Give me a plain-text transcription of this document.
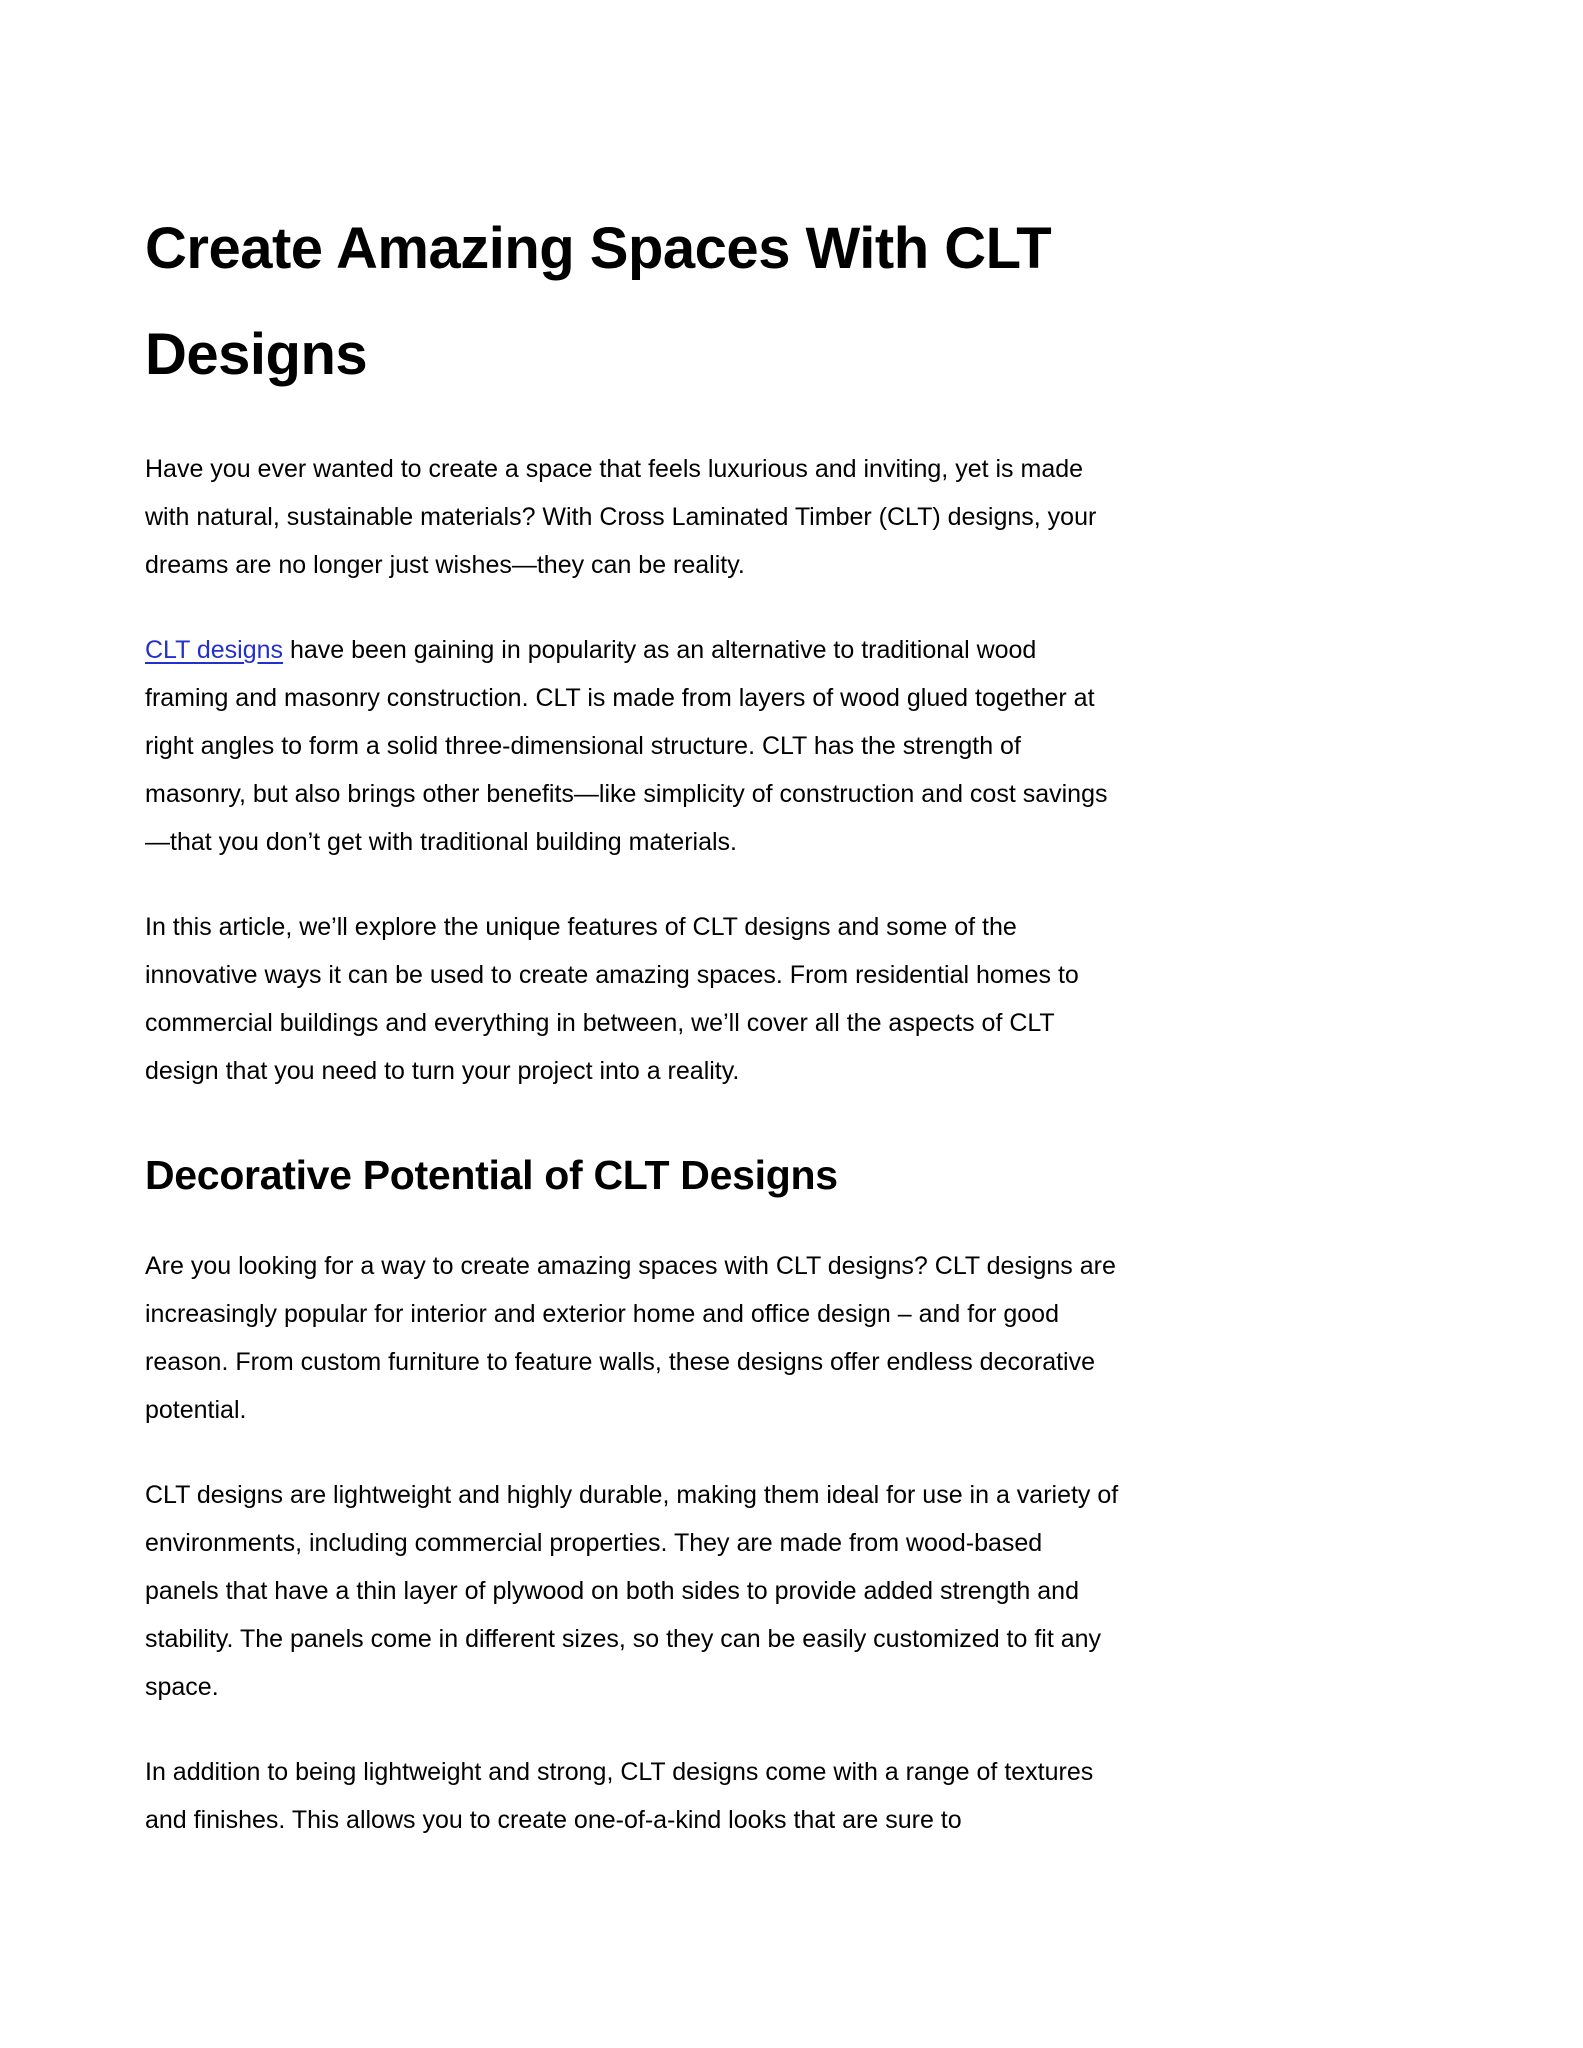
Create Amazing Spaces With CLT Designs

Have you ever wanted to create a space that feels luxurious and inviting, yet is made with natural, sustainable materials? With Cross Laminated Timber (CLT) designs, your dreams are no longer just wishes—they can be reality.

CLT designs have been gaining in popularity as an alternative to traditional wood framing and masonry construction. CLT is made from layers of wood glued together at right angles to form a solid three-dimensional structure. CLT has the strength of masonry, but also brings other benefits—like simplicity of construction and cost savings—that you don’t get with traditional building materials.

In this article, we’ll explore the unique features of CLT designs and some of the innovative ways it can be used to create amazing spaces. From residential homes to commercial buildings and everything in between, we’ll cover all the aspects of CLT design that you need to turn your project into a reality.

Decorative Potential of CLT Designs

Are you looking for a way to create amazing spaces with CLT designs? CLT designs are increasingly popular for interior and exterior home and office design – and for good reason. From custom furniture to feature walls, these designs offer endless decorative potential.

CLT designs are lightweight and highly durable, making them ideal for use in a variety of environments, including commercial properties. They are made from wood-based panels that have a thin layer of plywood on both sides to provide added strength and stability. The panels come in different sizes, so they can be easily customized to fit any space.

In addition to being lightweight and strong, CLT designs come with a range of textures and finishes. This allows you to create one-of-a-kind looks that are sure to
